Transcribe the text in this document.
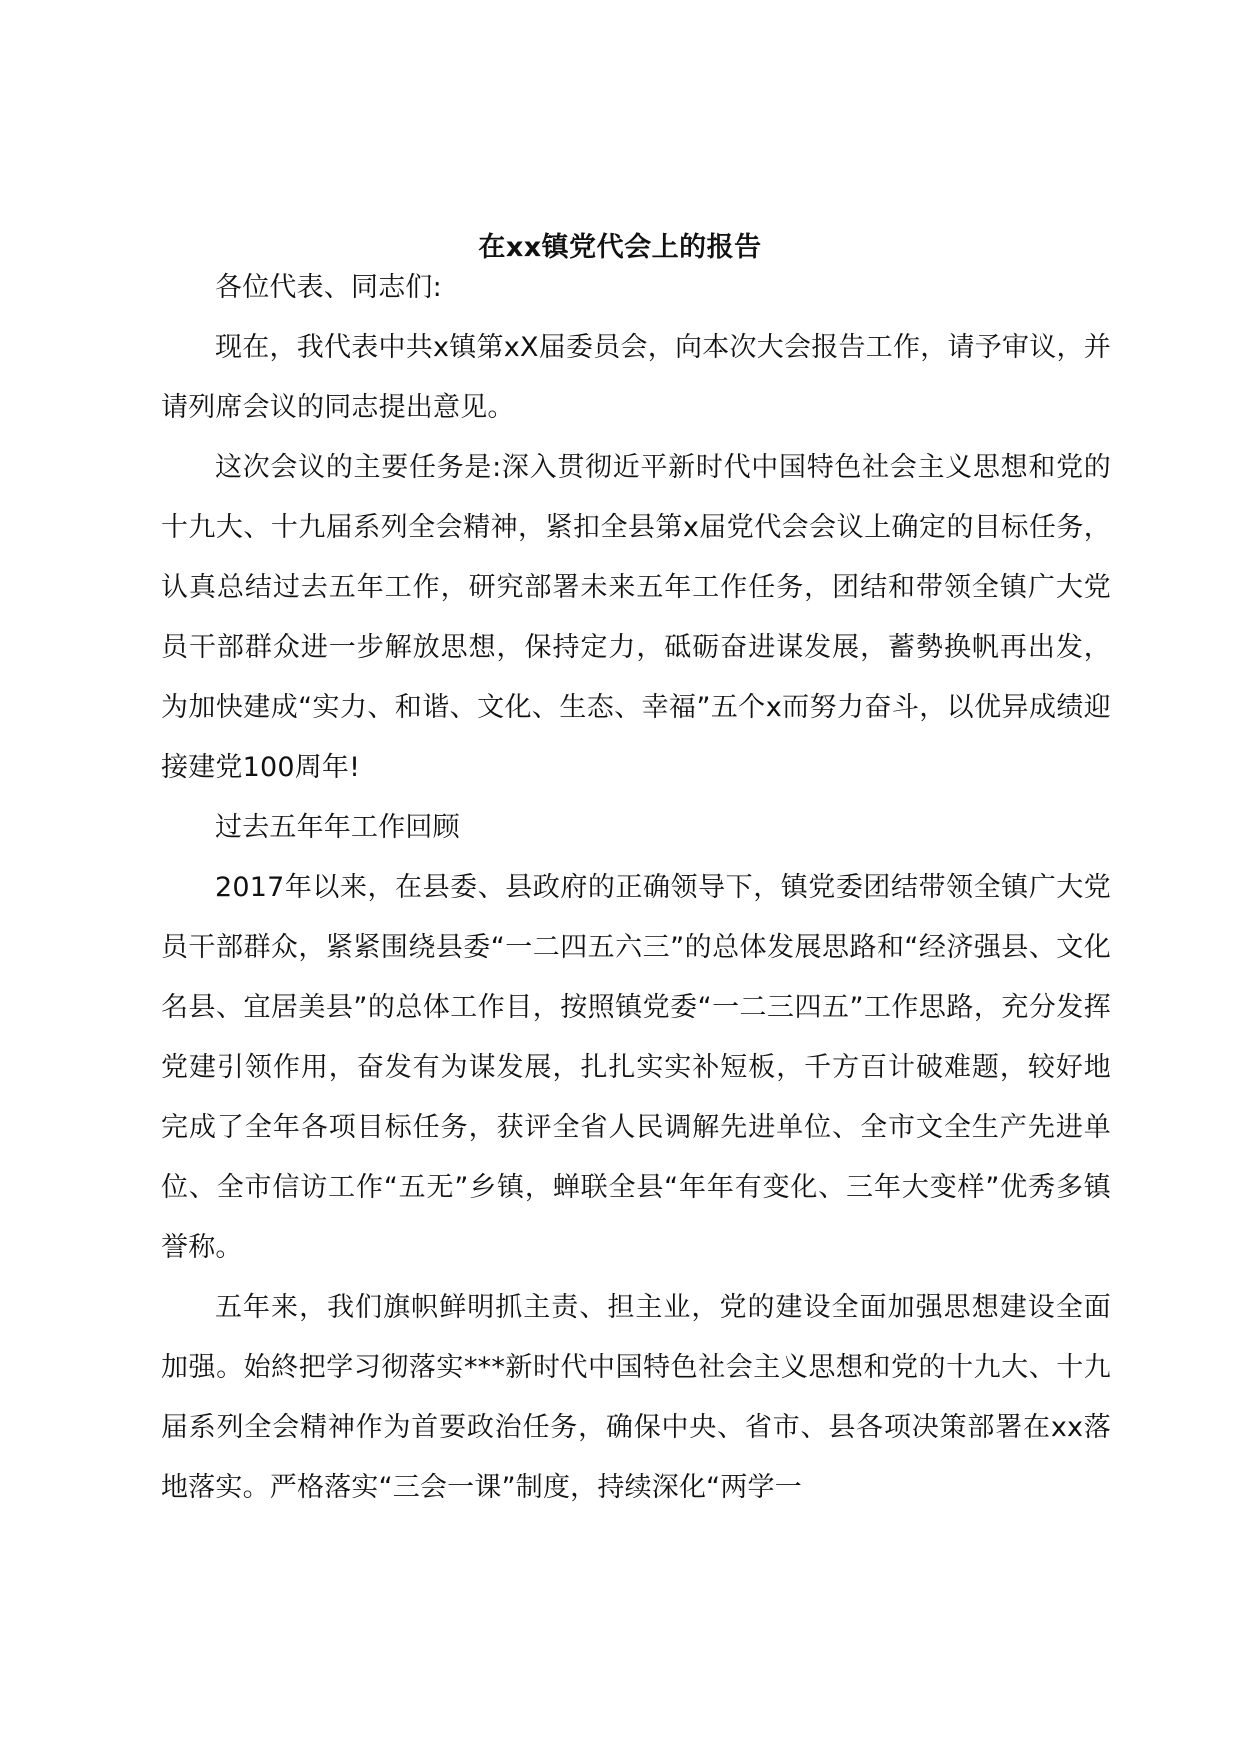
在xx镇党代会上的报告

各位代表、同志们:

现在，我代表中共x镇第xX届委员会，向本次大会报告工作，请予审议，并请列席会议的同志提出意见。

这次会议的主要任务是:深入贯彻近平新时代中国特色社会主义思想和党的十九大、十九届系列全会精神，紧扣全县第x届党代会会议上确定的目标任务，认真总结过去五年工作，研究部署未来五年工作任务，团结和带领全镇广大党员干部群众进一步解放思想，保持定力，砥砺奋进谋发展，蓄勢换帆再出发，为加快建成“实力、和谐、文化、生态、幸福”五个x而努力奋斗，以优异成绩迎接建党100周年!

过去五年年工作回顾

2017年以来，在县委、县政府的正确领导下，镇党委团结带领全镇广大党员干部群众，紧紧围绕县委“一二四五六三”的总体发展思路和“经济强县、文化名县、宜居美县”的总体工作目，按照镇党委“一二三四五”工作思路，充分发挥党建引领作用，奋发有为谋发展，扎扎实实补短板，千方百计破难题，较好地完成了全年各项目标任务，获评全省人民调解先进单位、全市文全生产先进单位、全市信访工作“五无”乡镇，蝉联全县“年年有变化、三年大变样”优秀多镇誉称。

五年来，我们旗帜鲜明抓主责、担主业，党的建设全面加强思想建设全面加强。始終把学习彻落实***新时代中国特色社会主义思想和党的十九大、十九届系列全会精神作为首要政治任务，确保中央、省市、县各项决策部署在xx落地落实。严格落实“三会一课”制度，持续深化“两学一
